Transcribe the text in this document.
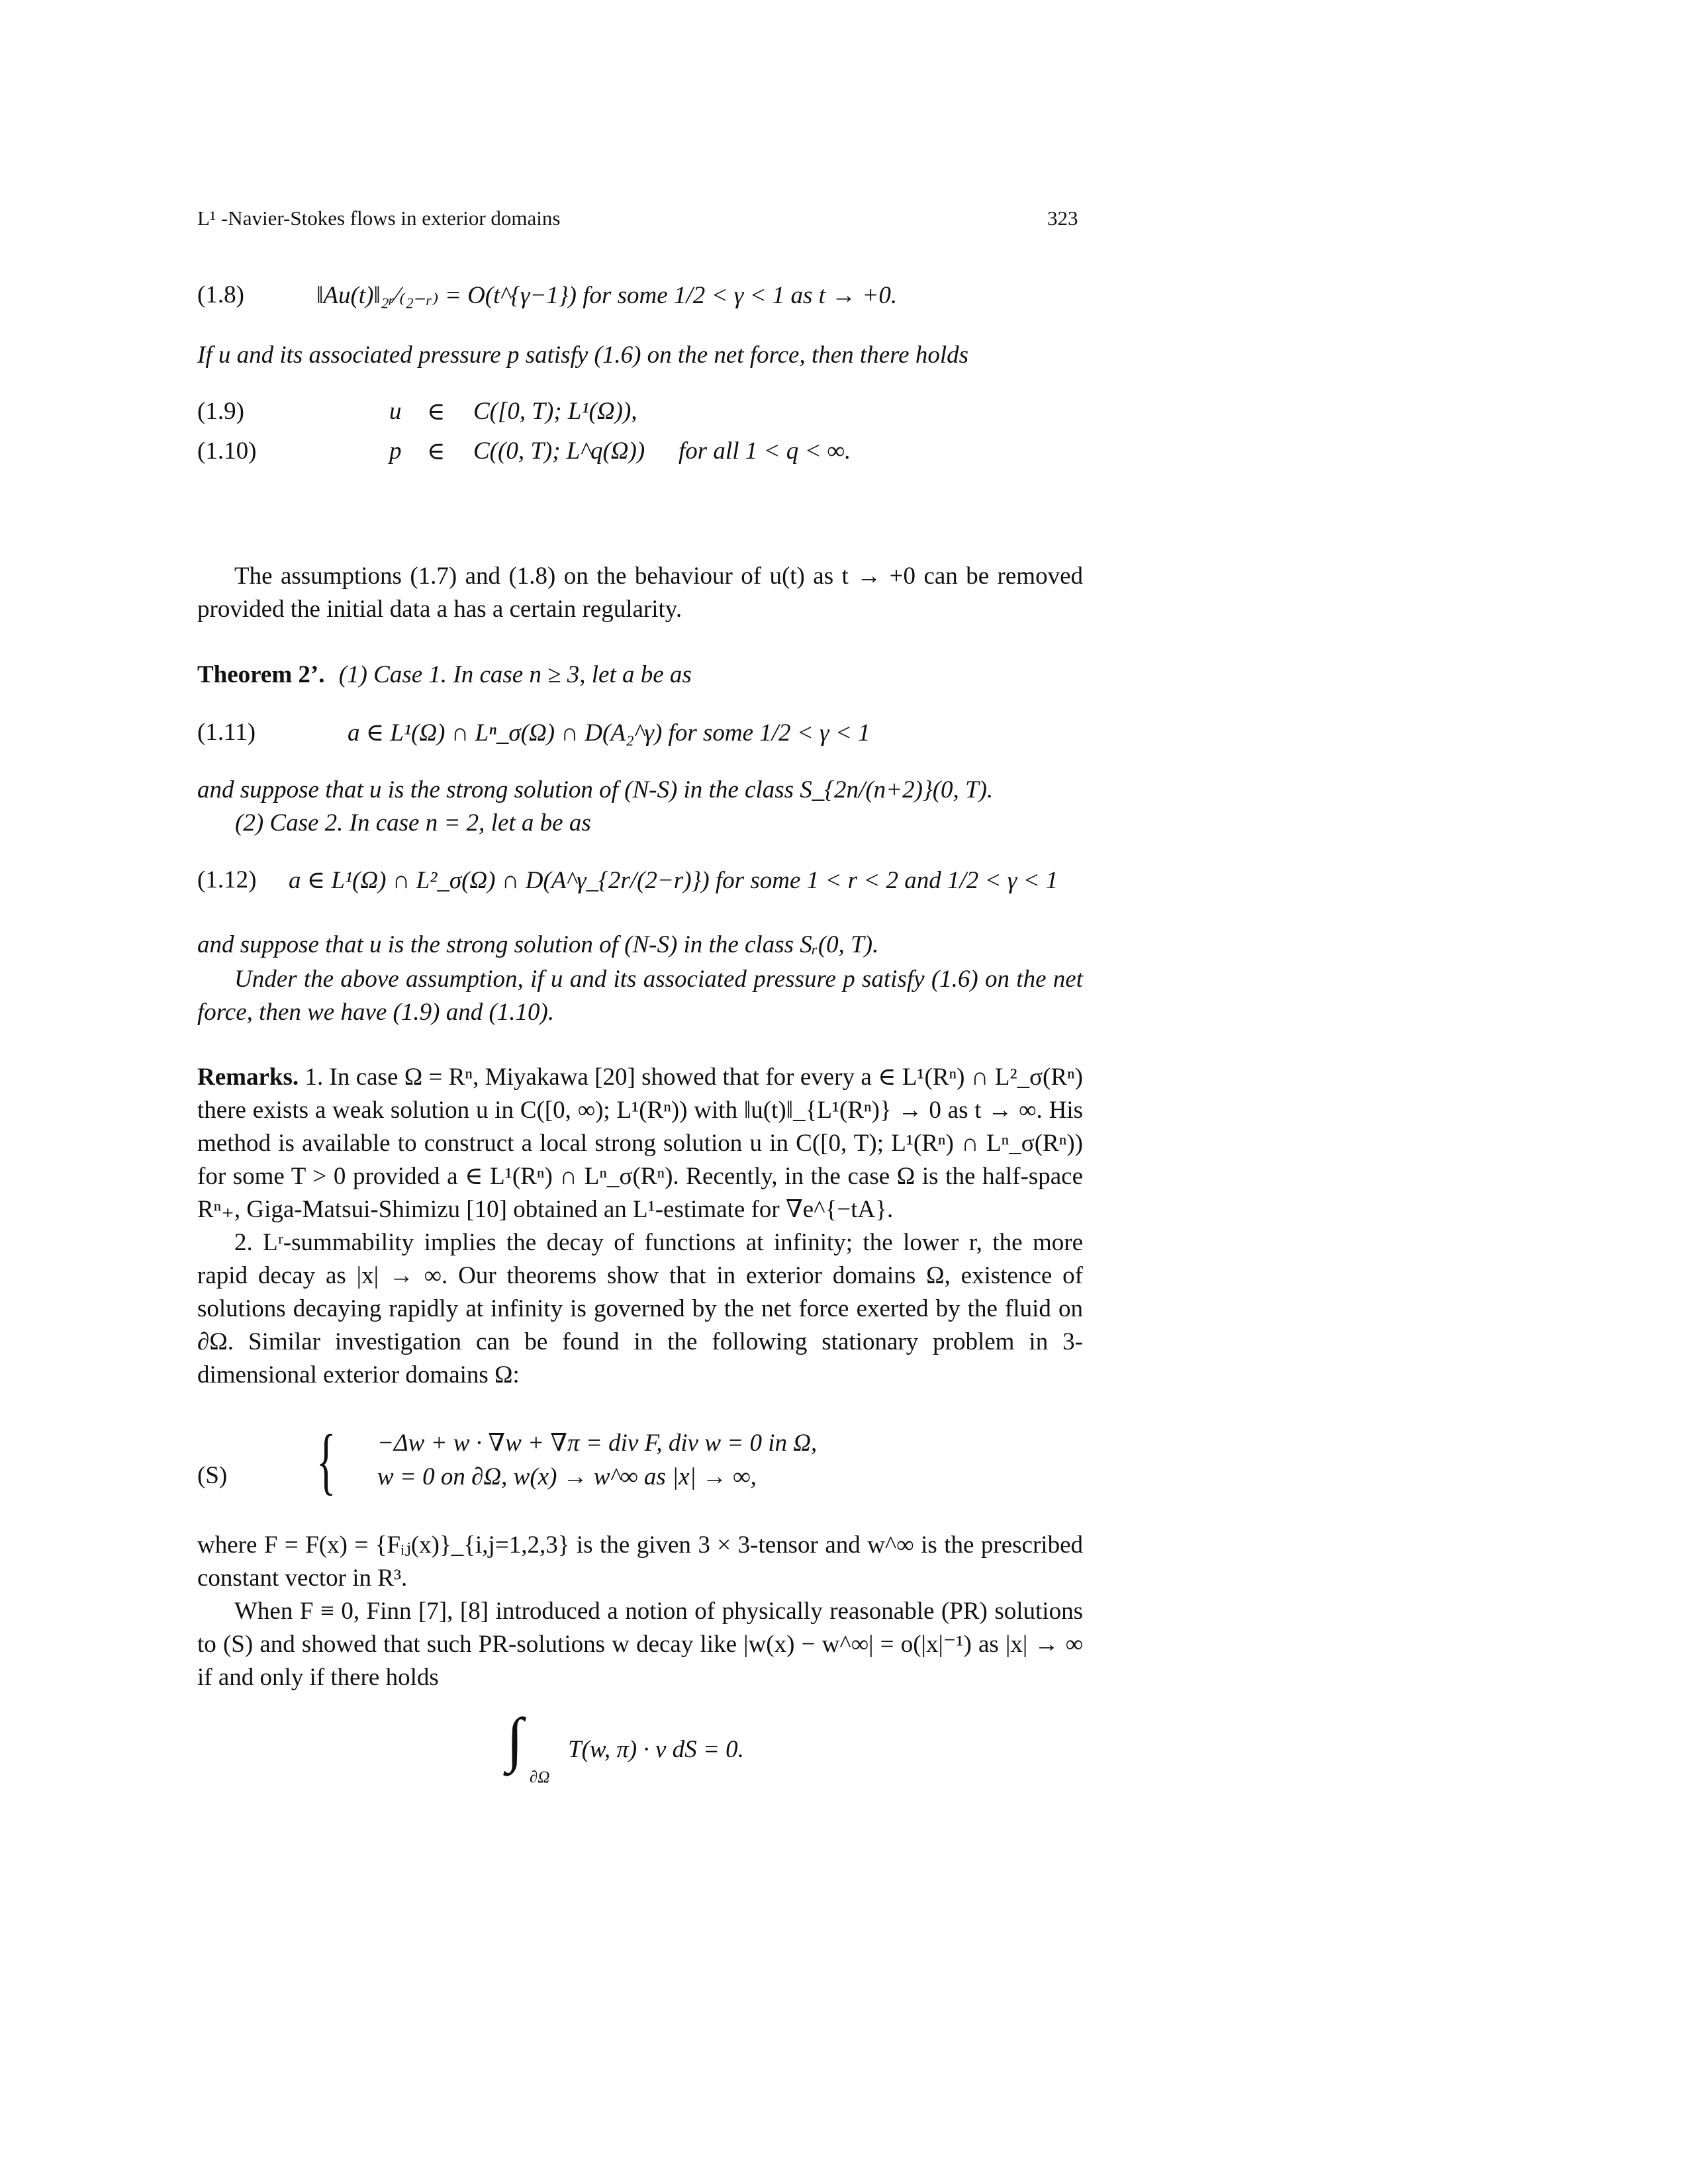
L¹ -Navier-Stokes flows in exterior domains	323
(1.8)	‖Au(t)‖₂ᵣ⁄₍₂₋ᵣ₎ = O(t^{γ−1}) for some 1/2 < γ < 1 as t → +0.
If u and its associated pressure p satisfy (1.6) on the net force, then there holds
(1.9)	u ∈ C([0, T); L¹(Ω)),
(1.10)	p ∈ C((0, T); L^q(Ω)) for all 1 < q < ∞.

The assumptions (1.7) and (1.8) on the behaviour of u(t) as t → +0 can be removed provided the initial data a has a certain regularity.

Theorem 2’. (1) Case 1. In case n ≥ 3, let a be as
(1.11)	a ∈ L¹(Ω) ∩ Lⁿ_σ(Ω) ∩ D(A₂^γ) for some 1/2 < γ < 1
and suppose that u is the strong solution of (N-S) in the class S_{2n/(n+2)}(0, T).
(2) Case 2. In case n = 2, let a be as
(1.12) a ∈ L¹(Ω) ∩ L²_σ(Ω) ∩ D(A^γ_{2r/(2−r)}) for some 1 < r < 2 and 1/2 < γ < 1
and suppose that u is the strong solution of (N-S) in the class Sᵣ(0, T).

Under the above assumption, if u and its associated pressure p satisfy (1.6) on the net force, then we have (1.9) and (1.10).

Remarks. 1. In case Ω = Rⁿ, Miyakawa [20] showed that for every a ∈ L¹(Rⁿ) ∩ L²_σ(Rⁿ) there exists a weak solution u in C([0, ∞); L¹(Rⁿ)) with ‖u(t)‖_{L¹(Rⁿ)} → 0 as t → ∞. His method is available to construct a local strong solution u in C([0, T); L¹(Rⁿ) ∩ Lⁿ_σ(Rⁿ)) for some T > 0 provided a ∈ L¹(Rⁿ) ∩ Lⁿ_σ(Rⁿ). Recently, in the case Ω is the half-space Rⁿ₊, Giga-Matsui-Shimizu [10] obtained an L¹-estimate for ∇e^{−tA}.

2. Lʳ-summability implies the decay of functions at infinity; the lower r, the more rapid decay as |x| → ∞. Our theorems show that in exterior domains Ω, existence of solutions decaying rapidly at infinity is governed by the net force exerted by the fluid on ∂Ω. Similar investigation can be found in the following stationary problem in 3-dimensional exterior domains Ω:

(S) { −Δw + w · ∇w + ∇π = div F, div w = 0 in Ω,
w = 0 on ∂Ω, w(x) → w^∞ as |x| → ∞,

where F = F(x) = {Fᵢⱼ(x)}_{i,j=1,2,3} is the given 3 × 3-tensor and w^∞ is the prescribed constant vector in R³.

When F ≡ 0, Finn [7], [8] introduced a notion of physically reasonable (PR) solutions to (S) and showed that such PR-solutions w decay like |w(x) − w^∞| = o(|x|⁻¹) as |x| → ∞ if and only if there holds

∫
∂Ω
T(w, π) · ν dS = 0.
